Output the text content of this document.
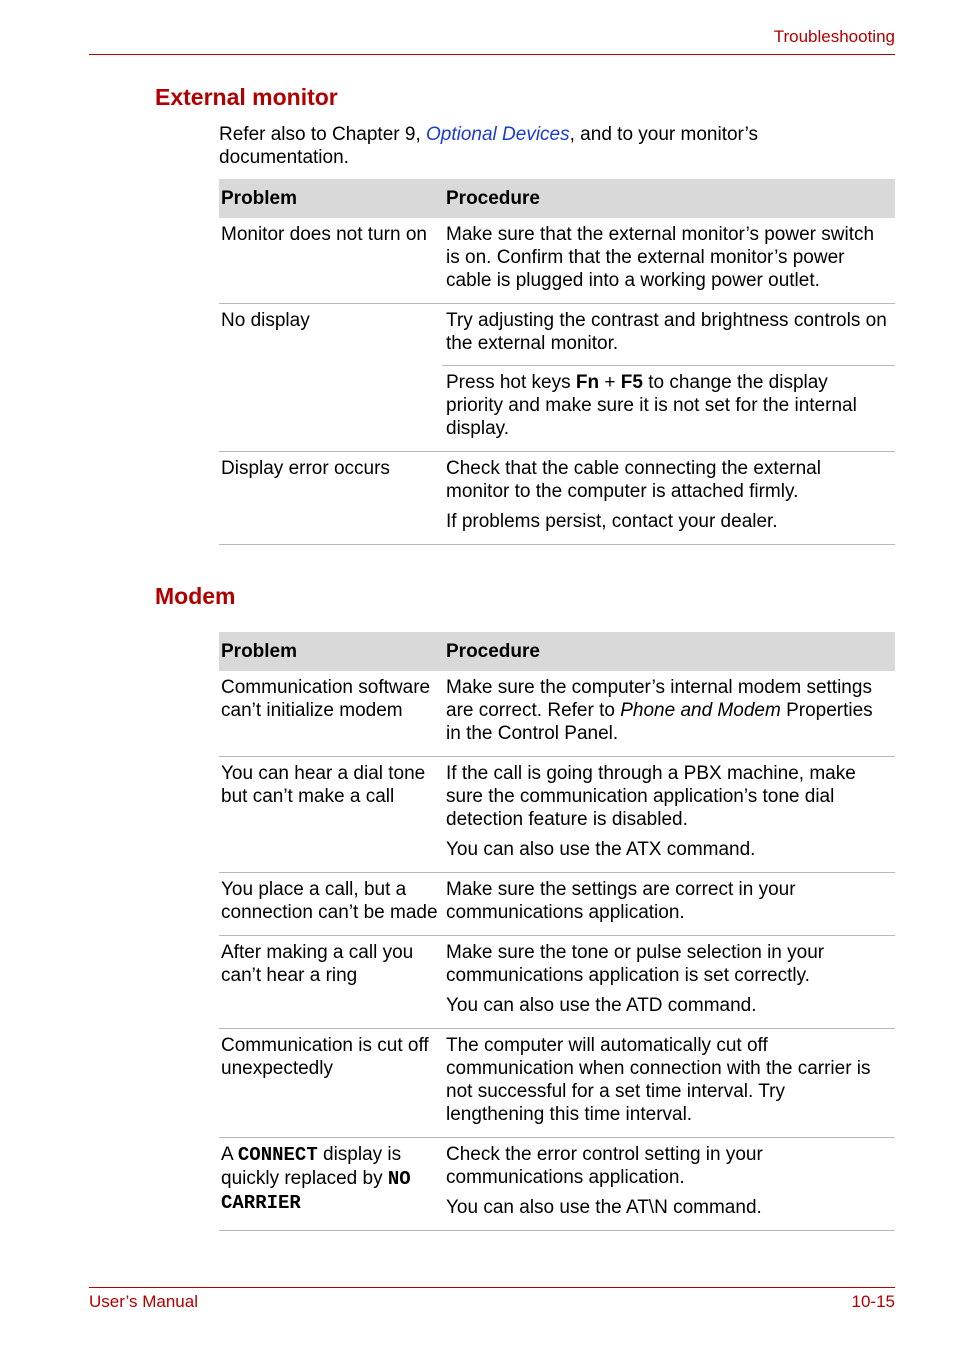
Troubleshooting
External monitor
Refer also to Chapter 9, Optional Devices, and to your monitor’s documentation.
Problem	Procedure
Monitor does not turn on	Make sure that the external monitor’s power switch is on. Confirm that the external monitor’s power cable is plugged into a working power outlet.
No display	Try adjusting the contrast and brightness controls on the external monitor.
Press hot keys Fn + F5 to change the display priority and make sure it is not set for the internal display.

Display error occurs	Check that the cable connecting the external monitor to the computer is attached firmly.
If problems persist, contact your dealer.
Modem
Problem	Procedure
Communication software can’t initialize modem	Make sure the computer’s internal modem settings are correct. Refer to Phone and Modem Properties in the Control Panel.
You can hear a dial tone but can’t make a call	If the call is going through a PBX machine, make sure the communication application’s tone dial detection feature is disabled.
You can also use the ATX command.

You place a call, but a connection can’t be made	Make sure the settings are correct in your communications application.
After making a call you can’t hear a ring	Make sure the tone or pulse selection in your communications application is set correctly.
You can also use the ATD command.

Communication is cut off unexpectedly	The computer will automatically cut off communication when connection with the carrier is not successful for a set time interval. Try lengthening this time interval.
A CONNECT display is quickly replaced by NO CARRIER	Check the error control setting in your communications application.
You can also use the AT\N command.
User’s Manual	10-15
